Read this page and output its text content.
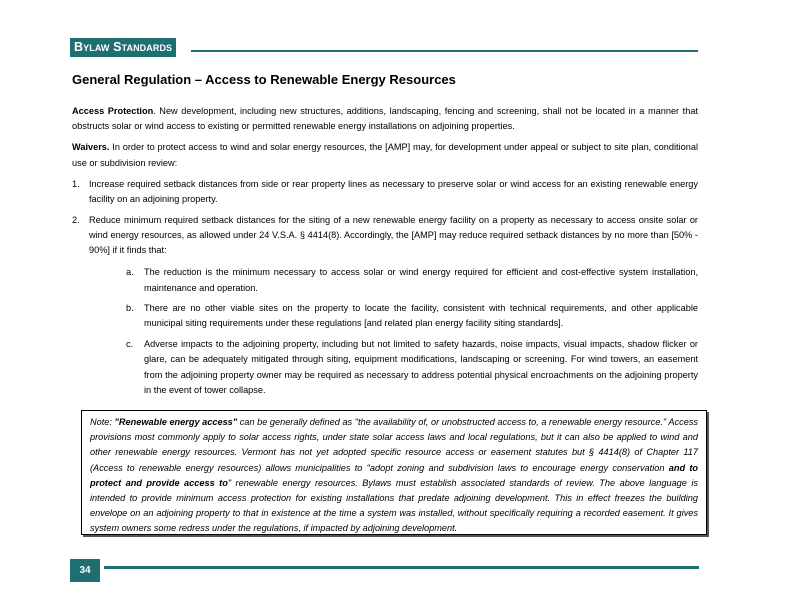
Bylaw Standards
General Regulation – Access to Renewable Energy Resources

Access Protection. New development, including new structures, additions, landscaping, fencing and screening, shall not be located in a manner that obstructs solar or wind access to existing or permitted renewable energy installations on adjoining properties.

Waivers. In order to protect access to wind and solar energy resources, the [AMP] may, for development under appeal or subject to site plan, conditional use or subdivision review:

1. Increase required setback distances from side or rear property lines as necessary to preserve solar or wind access for an existing renewable energy facility on an adjoining property.
2. Reduce minimum required setback distances for the siting of a new renewable energy facility on a property as necessary to access onsite solar or wind energy resources, as allowed under 24 V.S.A. § 4414(8). Accordingly, the [AMP] may reduce required setback distances by no more than [50% - 90%] if it finds that:
a. The reduction is the minimum necessary to access solar or wind energy required for efficient and cost-effective system installation, maintenance and operation.
b. There are no other viable sites on the property to locate the facility, consistent with technical requirements, and other applicable municipal siting requirements under these regulations [and related plan energy facility siting standards].
c. Adverse impacts to the adjoining property, including but not limited to safety hazards, noise impacts, visual impacts, shadow flicker or glare, can be adequately mitigated through siting, equipment modifications, landscaping or screening. For wind towers, an easement from the adjoining property owner may be required as necessary to address potential physical encroachments on the adjoining property in the event of tower collapse.
Note: "Renewable energy access" can be generally defined as "the availability of, or unobstructed access to, a renewable energy resource." Access provisions most commonly apply to solar access rights, under state solar access laws and local regulations, but it can also be applied to wind and other renewable energy resources. Vermont has not yet adopted specific resource access or easement statutes but § 4414(8) of Chapter 117 (Access to renewable energy resources) allows municipalities to "adopt zoning and subdivision laws to encourage energy conservation and to protect and provide access to" renewable energy resources. Bylaws must establish associated standards of review. The above language is intended to provide minimum access protection for existing installations that predate adjoining development. This in effect freezes the building envelope on an adjoining property to that in existence at the time a system was installed, without specifically requiring a recorded easement. It gives system owners some redress under the regulations, if impacted by adjoining development.
34
